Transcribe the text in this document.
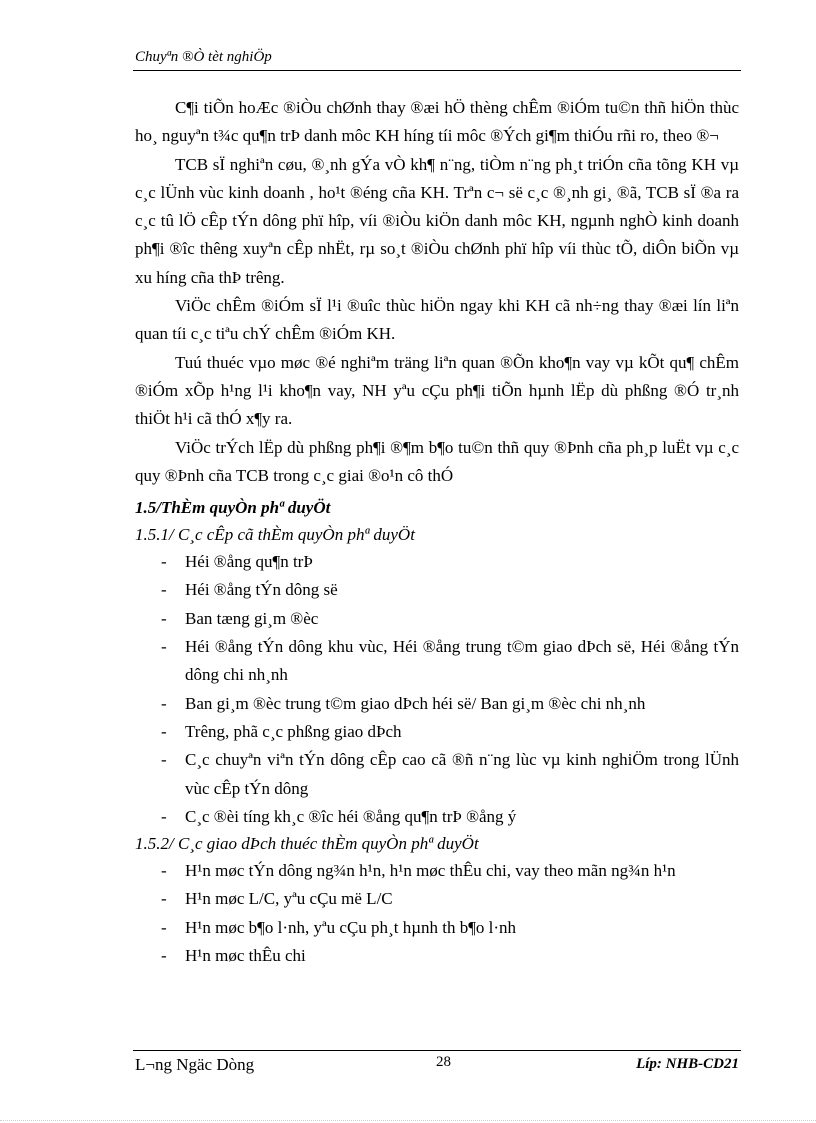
Chuyªn ®Ò tèt nghiÖp

C¶i tiÕn hoÆc ®iÒu chØnh thay ®æi hÖ thèng chÊm ®iÓm tu©n thñ hiÖn thùc ho¸ nguyªn t¾c qu¶n trÞ danh môc KH híng tíi môc ®Ých gi¶m thiÓu rñi ro, theo ®¬

TCB sÏ nghiªn cøu, ®¸nh gÝa vÒ kh¶ n¨ng, tiÒm n¨ng ph¸t triÓn cña tõng KH vµ c¸c lÜnh vùc kinh doanh , ho¹t ®éng cña KH. Trªn c¬ së c¸c ®¸nh gi¸ ®ã, TCB sÏ ®a ra c¸c tû lÖ cÊp tÝn dông phï hîp, víi ®iÒu kiÖn danh môc KH, ngµnh nghÒ kinh doanh ph¶i ®îc thêng xuyªn cÊp nhËt, rµ so¸t ®iÒu chØnh phï hîp víi thùc tÕ, diÔn biÕn vµ xu híng cña thÞ trêng.

ViÖc chÊm ®iÓm sÏ l¹i ®uîc thùc hiÖn ngay khi KH cã nh÷ng thay ®æi lín liªn quan tíi c¸c tiªu chÝ chÊm ®iÓm KH.

Tuú thuéc vµo møc ®é nghiªm träng liªn quan ®Õn kho¶n vay vµ kÕt qu¶ chÊm ®iÓm xÕp h¹ng l¹i kho¶n vay, NH yªu cÇu ph¶i tiÕn hµnh lËp dù phßng ®Ó tr¸nh thiÖt h¹i cã thÓ x¶y ra.

ViÖc trÝch lËp dù phßng ph¶i ®¶m b¶o tu©n thñ quy ®Þnh cña ph¸p luËt vµ c¸c quy ®Þnh cña TCB trong c¸c giai ®o¹n cô thÓ

1.5/ThÈm quyÒn phª duyÖt
1.5.1/ C¸c cÊp cã thÈm quyÒn phª duyÖt
- Héi ®ång qu¶n trÞ
- Héi ®ång tÝn dông së
- Ban tæng gi¸m ®èc
- Héi ®ång tÝn dông khu vùc, Héi ®ång trung t©m giao dÞch së, Héi ®ång tÝn dông chi nh¸nh
- Ban gi¸m ®èc trung t©m giao dÞch héi së/ Ban gi¸m ®èc chi nh¸nh
- Trêng, phã c¸c phßng giao dÞch
- C¸c chuyªn viªn tÝn dông cÊp cao cã ®ñ n¨ng lùc vµ kinh nghiÖm trong lÜnh vùc cÊp tÝn dông
- C¸c ®èi tíng kh¸c ®îc héi ®ång qu¶n trÞ ®ång ý
1.5.2/ C¸c giao dÞch thuéc thÈm quyÒn phª duyÖt
- H¹n møc tÝn dông ng¾n h¹n, h¹n møc thÊu chi, vay theo mãn ng¾n h¹n
- H¹n møc L/C, yªu cÇu më L/C
- H¹n møc b¶o l·nh, yªu cÇu ph¸t hµnh th b¶o l·nh
- H¹n møc thÊu chi
L¬ng Ngäc Dòng	28	Líp: NHB-CD21
